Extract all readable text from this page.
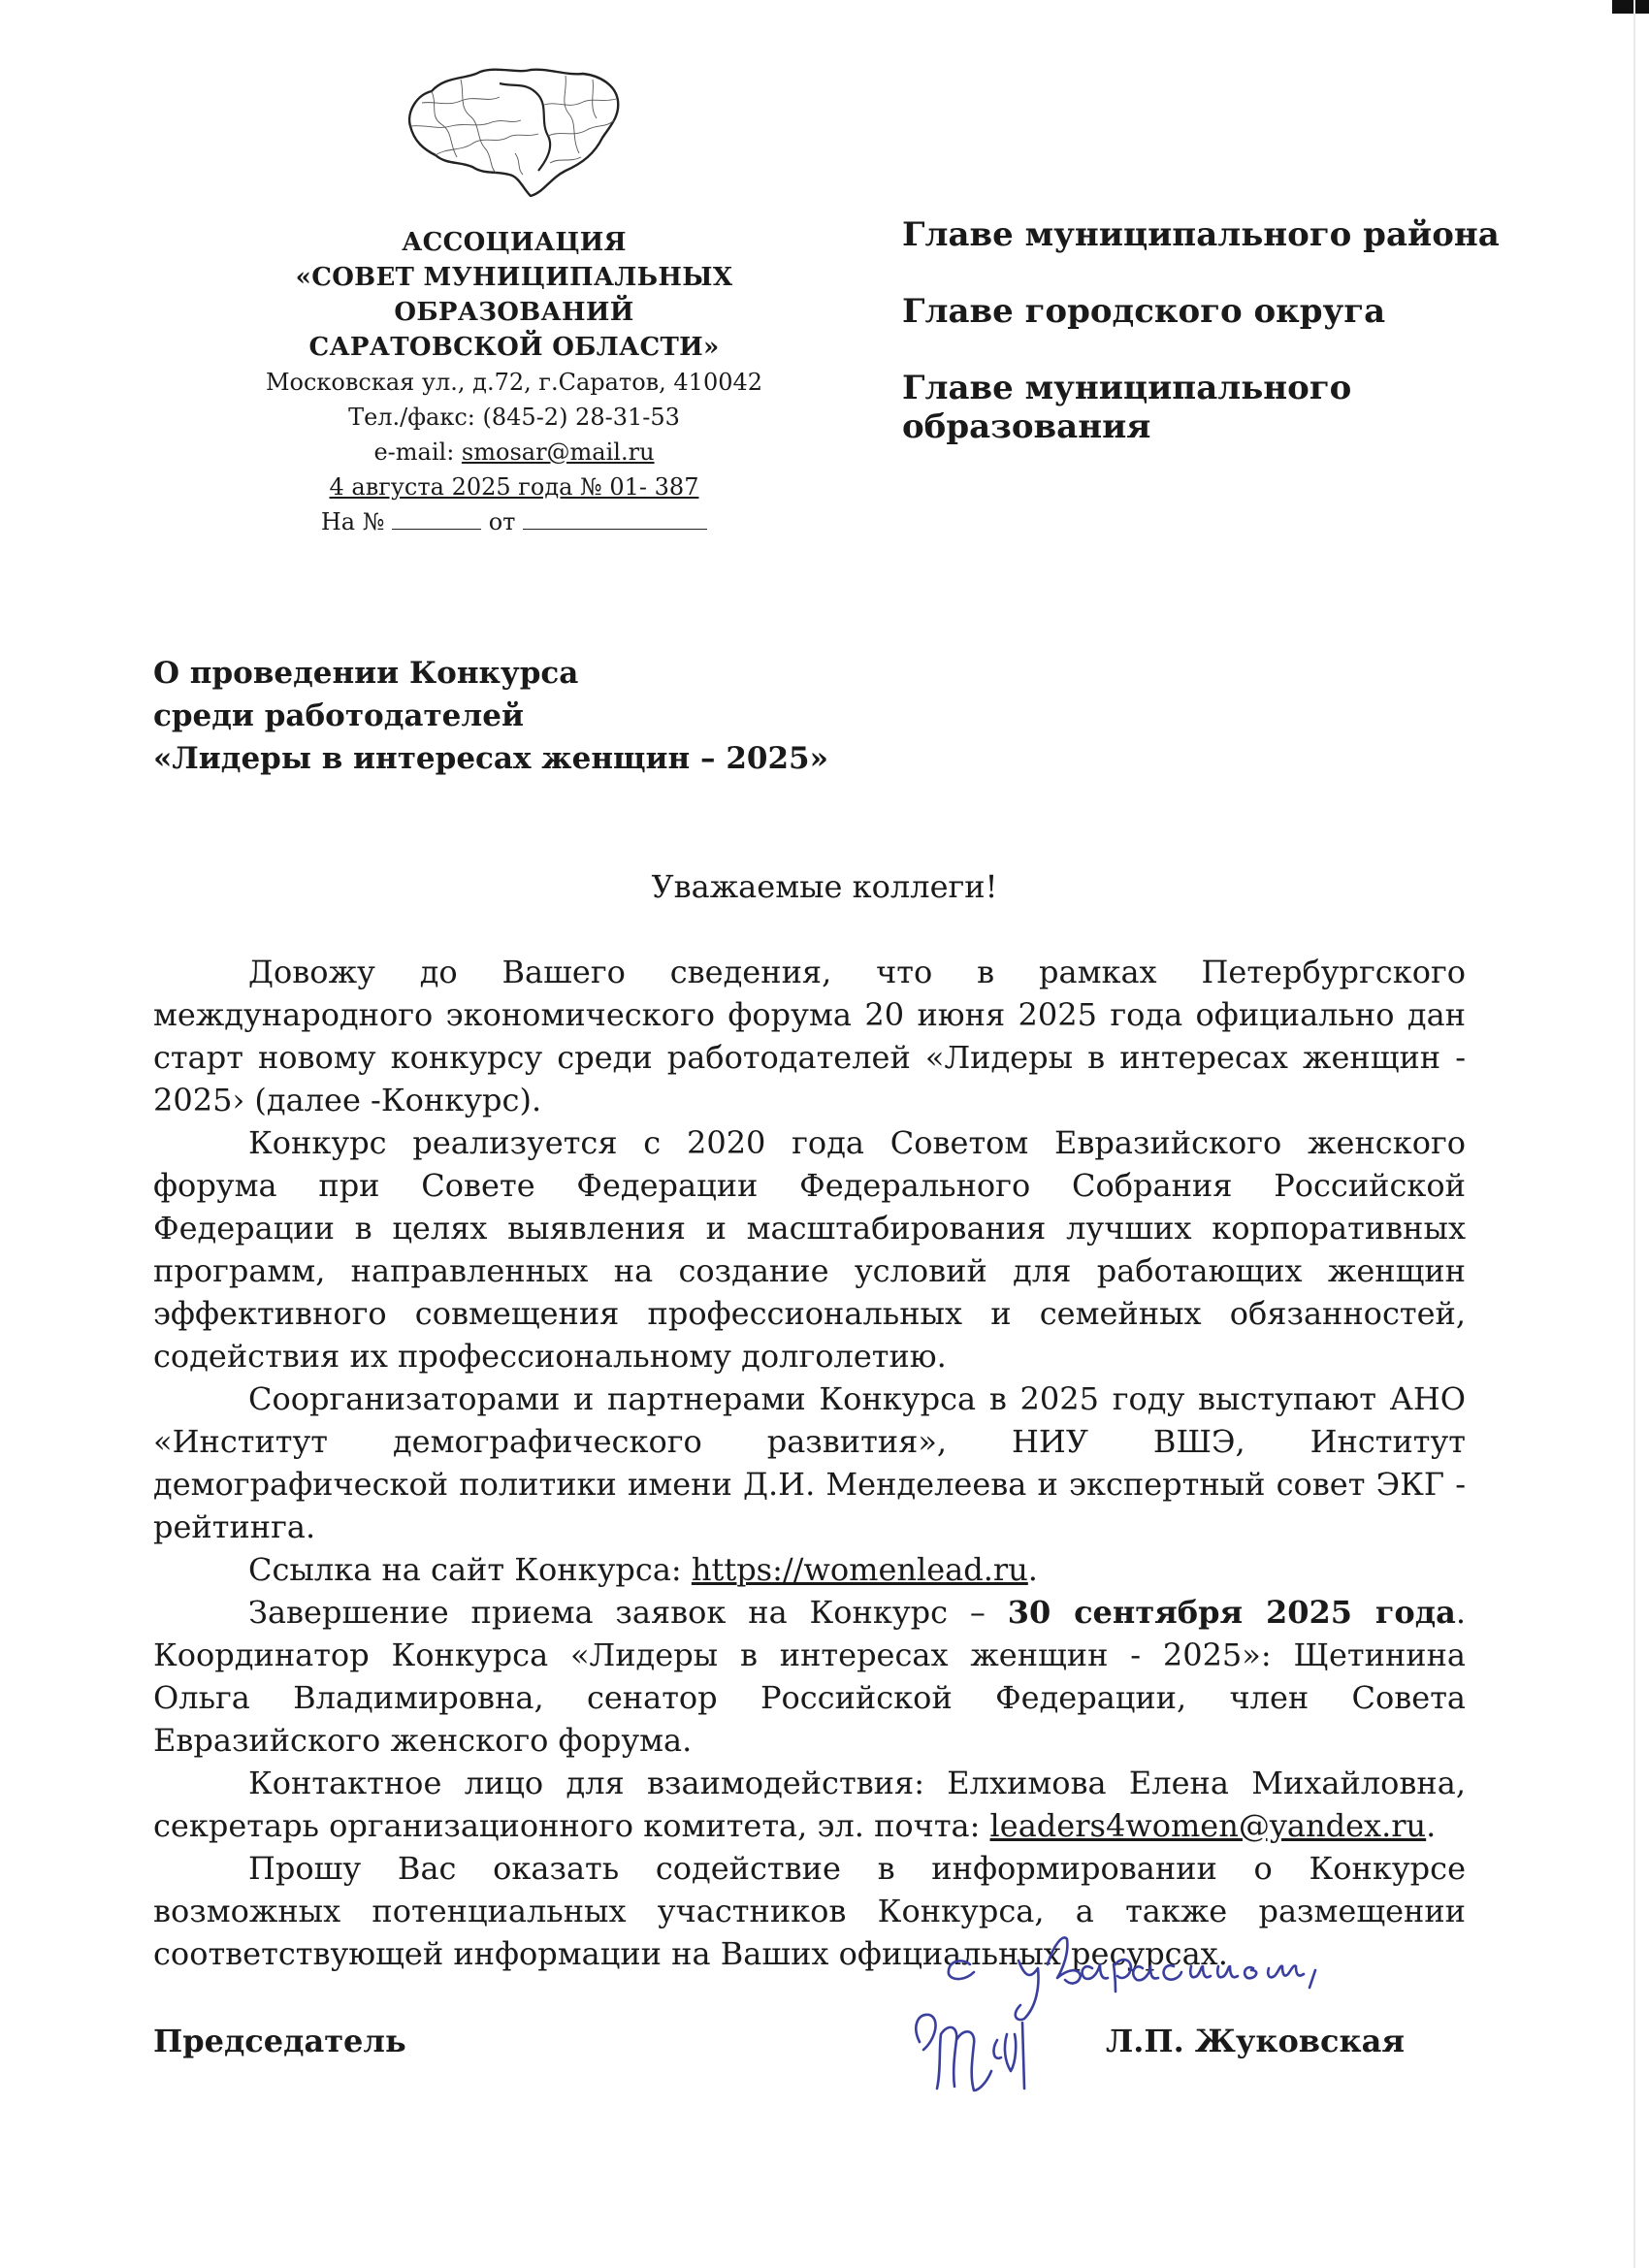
АССОЦИАЦИЯ
«СОВЕТ МУНИЦИПАЛЬНЫХ ОБРАЗОВАНИЙ
САРАТОВСКОЙ ОБЛАСТИ»
Московская ул., д.72, г.Саратов, 410042
Тел./факс: (845-2) 28-31-53
e-mail: smosar@mail.ru
4 августа 2025 года № 01- 387
На №	от
Главе муниципального района
Главе городского округа
Главе муниципального образования
О проведении Конкурса
среди работодателей
«Лидеры в интересах женщин – 2025»
Уважаемые коллеги!

Довожу до Вашего сведения, что в рамках Петербургского международного экономического форума 20 июня 2025 года официально дан старт новому конкурсу среди работодателей «Лидеры в интересах женщин - 2025› (далее -Конкурс).

Конкурс реализуется с 2020 года Советом Евразийского женского форума при Совете Федерации Федерального Собрания Российской Федерации в целях выявления и масштабирования лучших корпоративных программ, направленных на создание условий для работающих женщин эффективного совмещения профессиональных и семейных обязанностей, содействия их профессиональному долголетию.

Соорганизаторами и партнерами Конкурса в 2025 году выступают АНО «Институт демографического развития», НИУ ВШЭ, Институт демографической политики имени Д.И. Менделеева и экспертный совет ЭКГ - рейтинга.

Ссылка на сайт Конкурса: https://womenlead.ru.

Завершение приема заявок на Конкурс – 30 сентября 2025 года. Координатор Конкурса «Лидеры в интересах женщин - 2025»: Щетинина Ольга Владимировна, сенатор Российской Федерации, член Совета Евразийского женского форума.

Контактное лицо для взаимодействия: Елхимова Елена Михайловна, секретарь организационного комитета, эл. почта: leaders4women@yandex.ru.

Прошу Вас оказать содействие в информировании о Конкурсе возможных потенциальных участников Конкурса, а также размещении соответствующей информации на Ваших официальных ресурсах.

Председатель	Л.П. Жуковская
